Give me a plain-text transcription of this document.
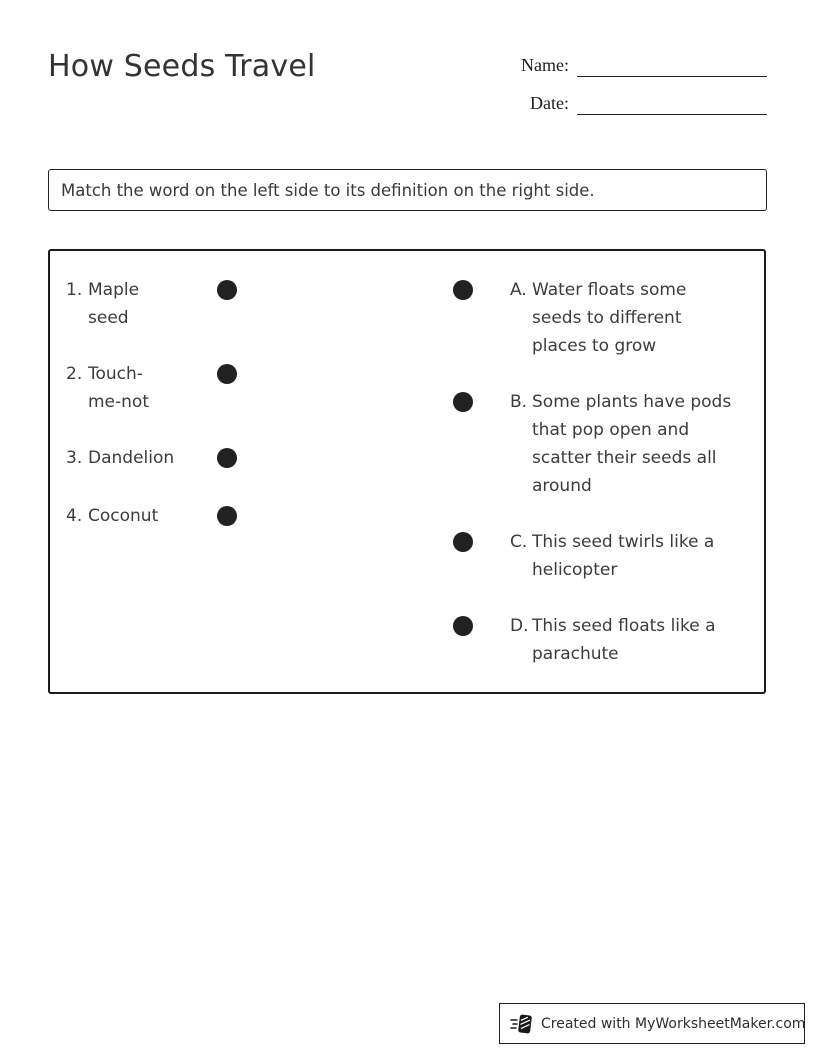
How Seeds Travel	Name:
Date:
Match the word on the left side to its definition on the right side.
1. Maple
seed
2. Touch-
me-not
3. Dandelion
4. Coconut
A. Water floats some
seeds to different
places to grow
B. Some plants have pods
that pop open and
scatter their seeds all
around
C. This seed twirls like a
helicopter
D. This seed floats like a
parachute
Created with MyWorksheetMaker.com
